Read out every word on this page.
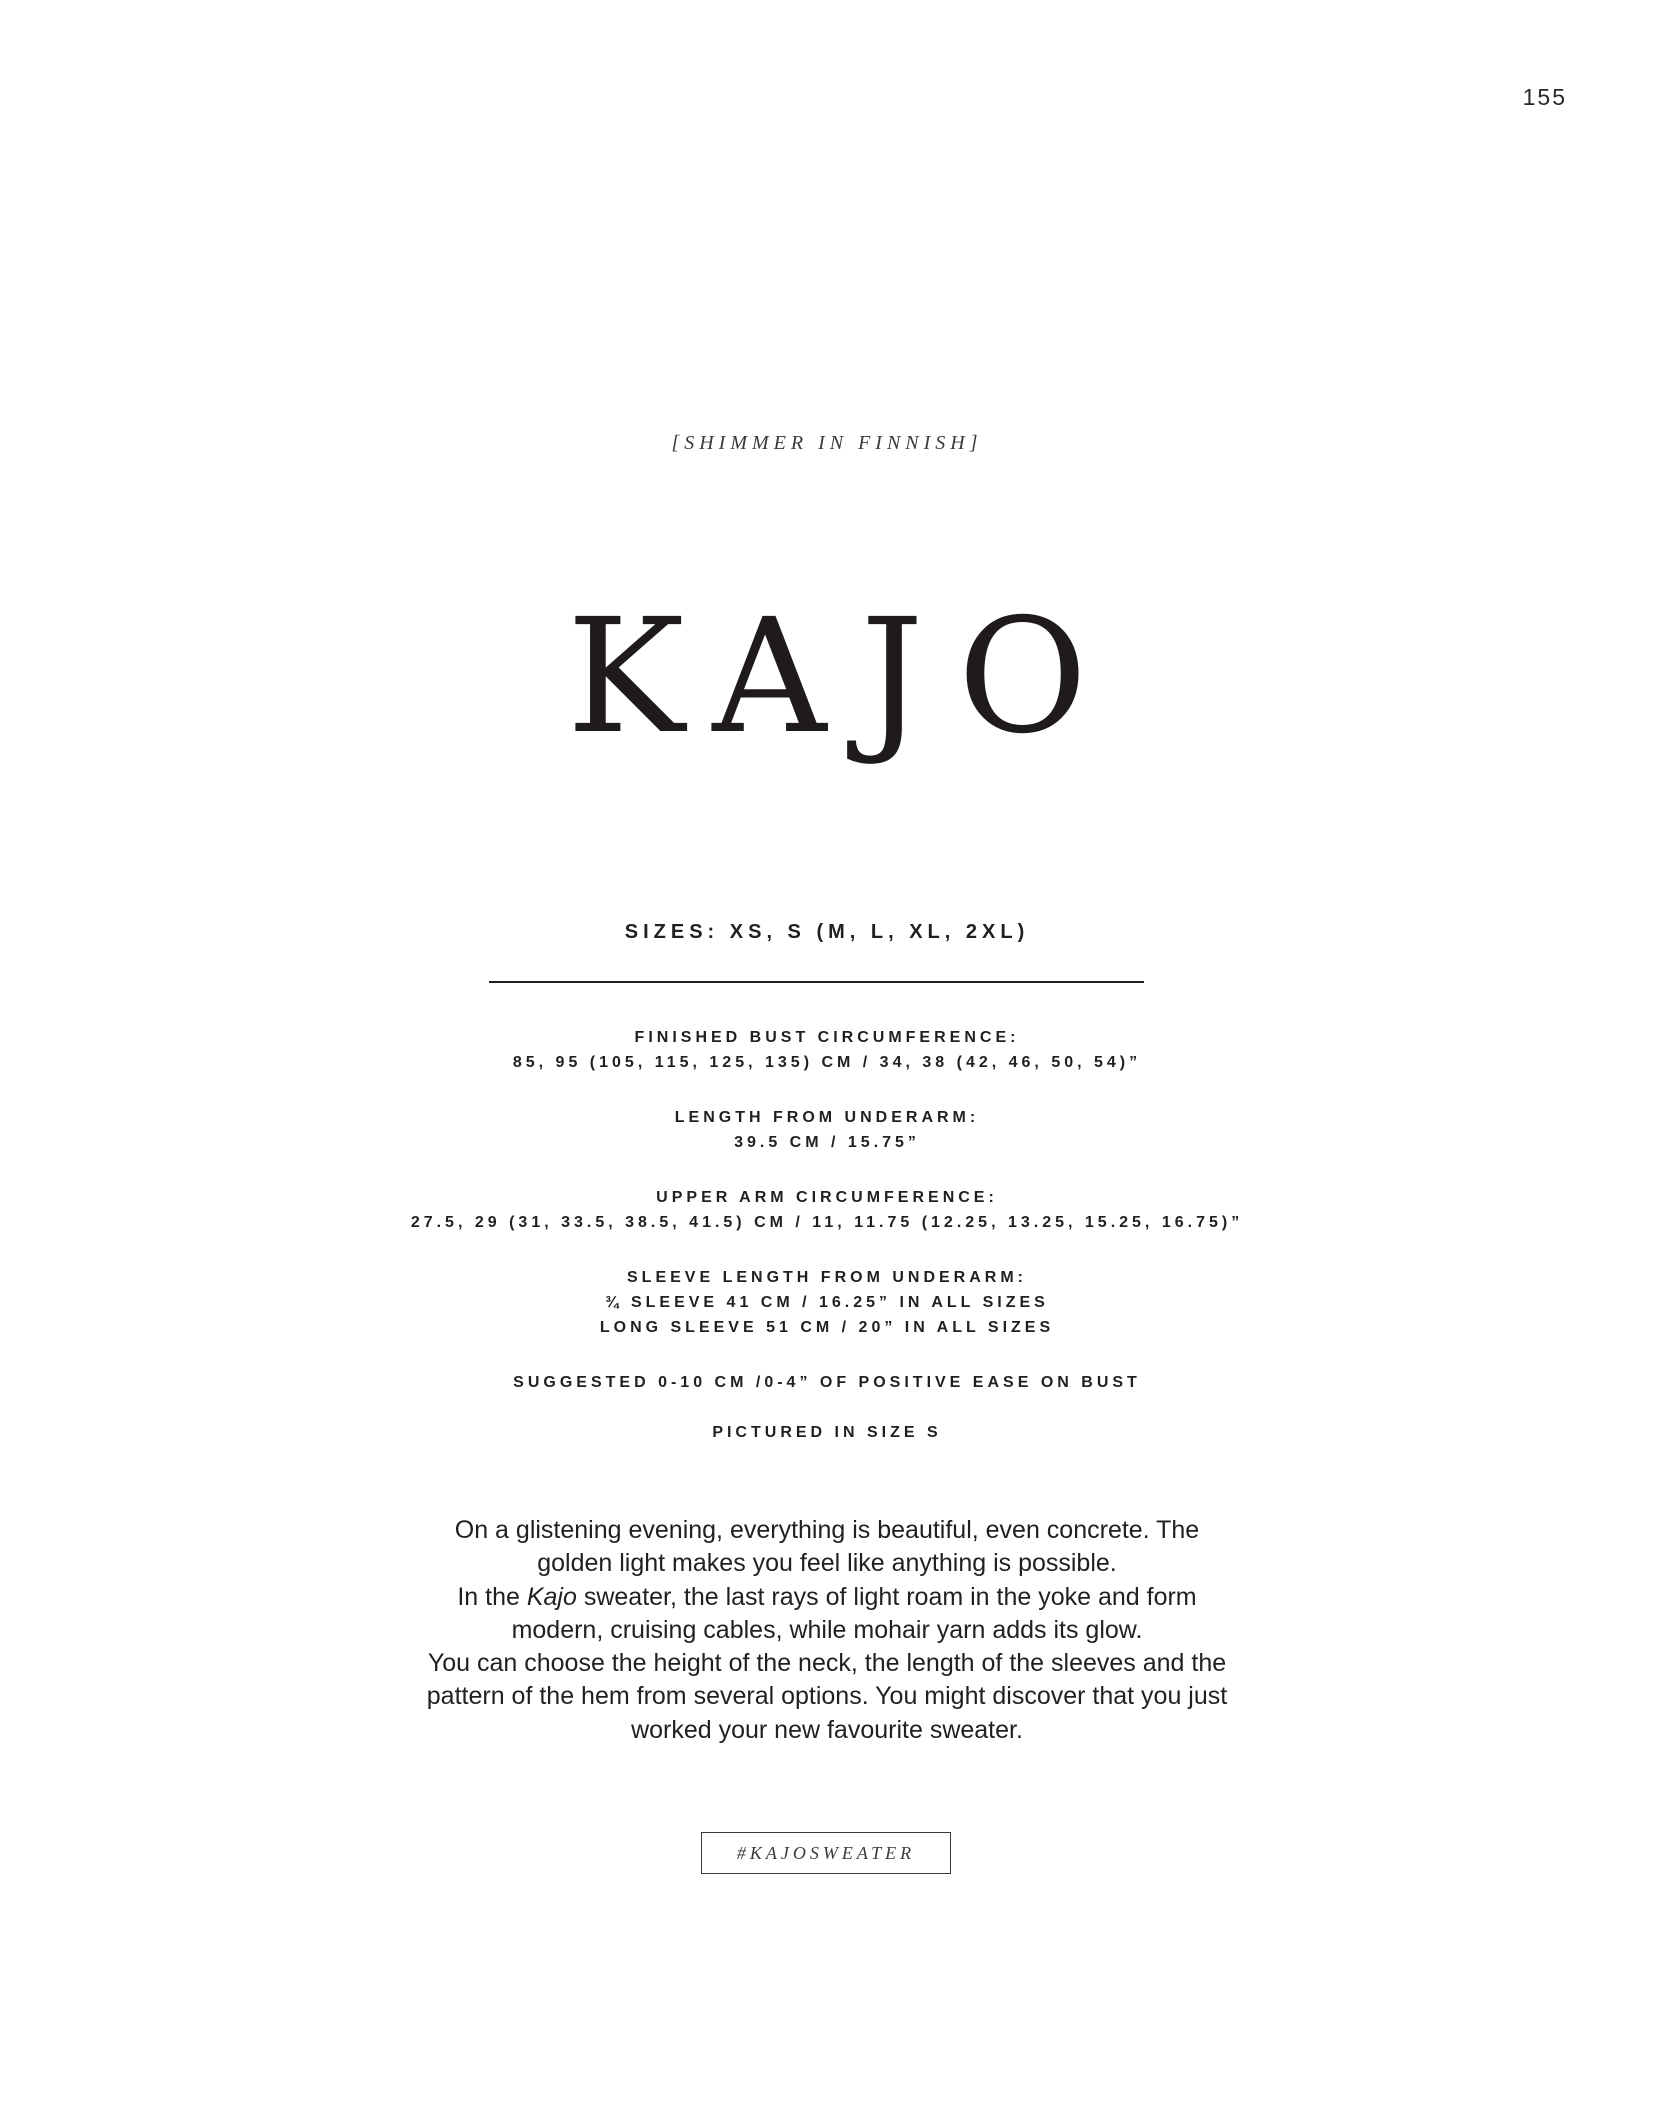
155
[SHIMMER IN FINNISH]
KAJO
SIZES: XS, S (M, L, XL, 2XL)
FINISHED BUST CIRCUMFERENCE:
85, 95 (105, 115, 125, 135) CM / 34, 38 (42, 46, 50, 54)”
LENGTH FROM UNDERARM:
39.5 CM / 15.75”
UPPER ARM CIRCUMFERENCE:
27.5, 29 (31, 33.5, 38.5, 41.5) CM / 11, 11.75 (12.25, 13.25, 15.25, 16.75)”
SLEEVE LENGTH FROM UNDERARM:
¾ SLEEVE 41 CM / 16.25” IN ALL SIZES
LONG SLEEVE 51 CM / 20” IN ALL SIZES
SUGGESTED 0-10 CM /0-4” OF POSITIVE EASE ON BUST
PICTURED IN SIZE S
On a glistening evening, everything is beautiful, even concrete. The
golden light makes you feel like anything is possible.
In the Kajo sweater, the last rays of light roam in the yoke and form
modern, cruising cables, while mohair yarn adds its glow.
You can choose the height of the neck, the length of the sleeves and the
pattern of the hem from several options. You might discover that you just
worked your new favourite sweater.
#KAJOSWEATER
